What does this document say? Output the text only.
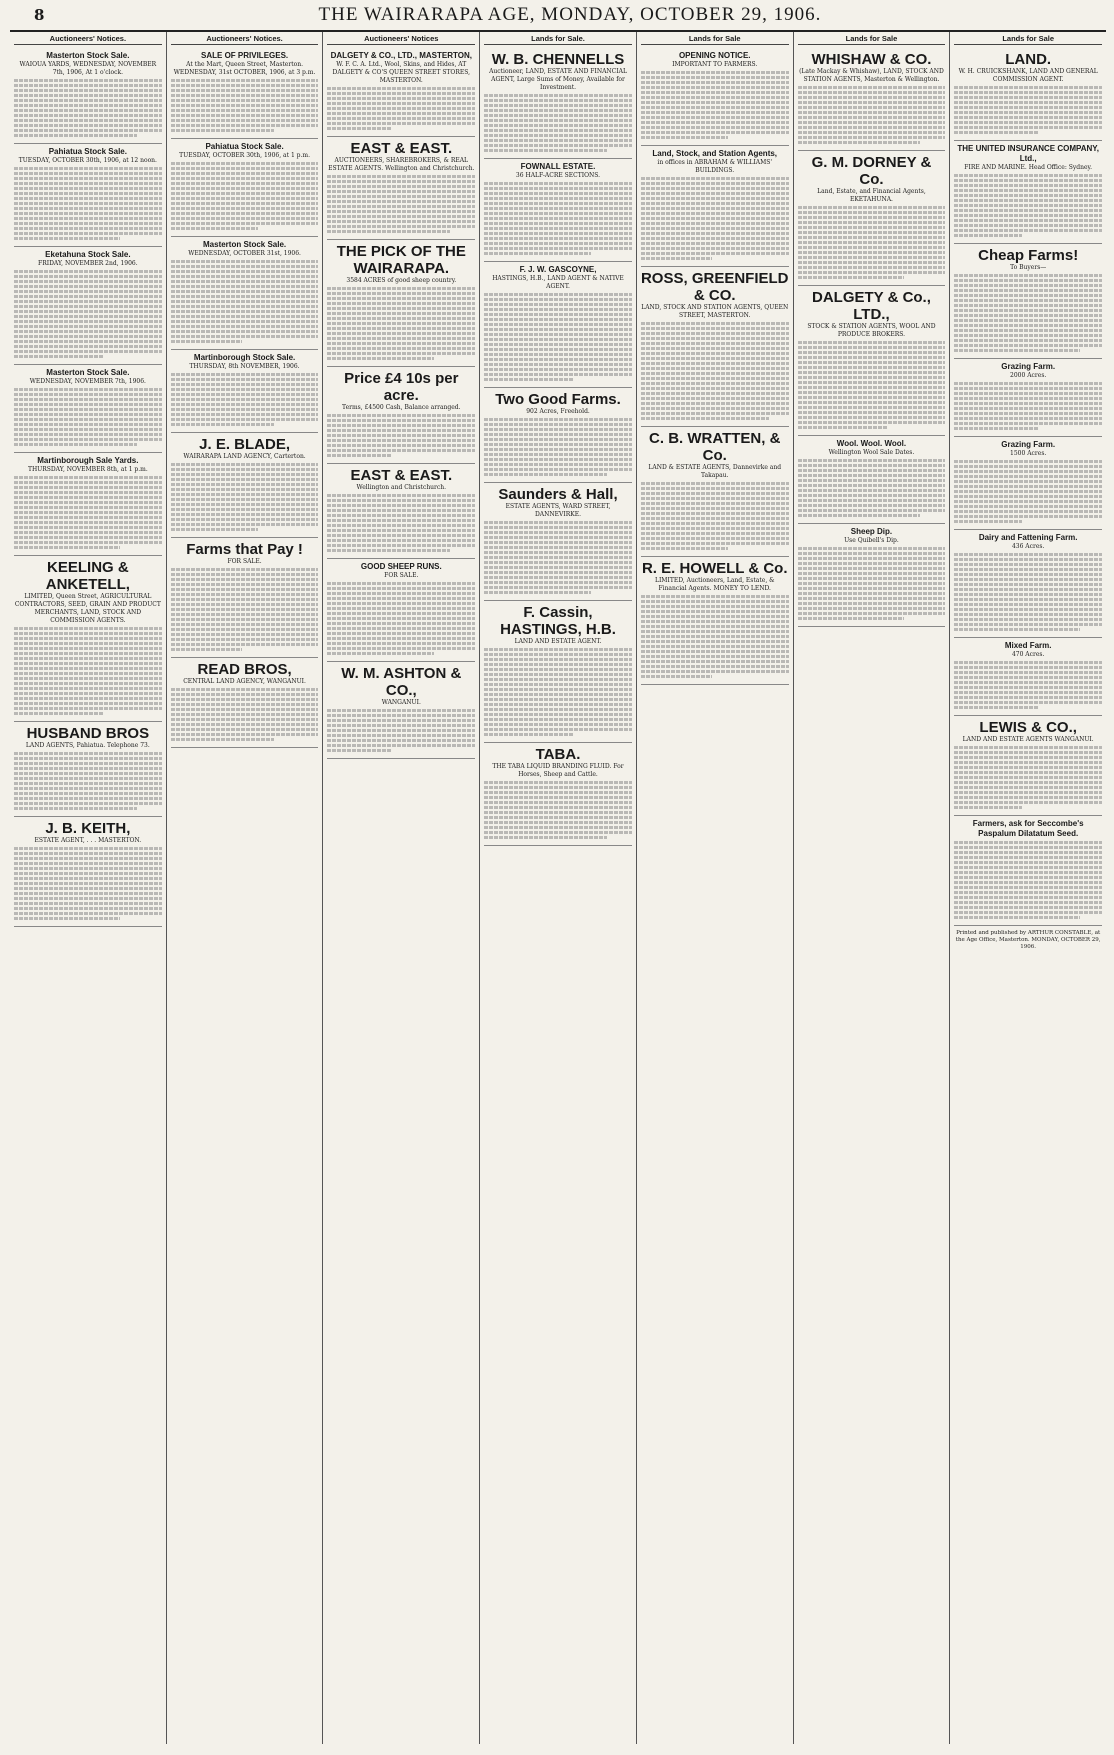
8	THE WAIRARAPA AGE, MONDAY, OCTOBER 29, 1906.
Auctioneers' Notices.
Masterton Stock Sale.
WAIOUA YARDS, WEDNESDAY, NOVEMBER 7th, 1906, At 1 o'clock.
Pahiatua Stock Sale.
TUESDAY, OCTOBER 30th, 1906, at 12 noon.
Eketahuna Stock Sale.
FRIDAY, NOVEMBER 2nd, 1906.
Masterton Stock Sale.
WEDNESDAY, NOVEMBER 7th, 1906.
Martinborough Sale Yards.
THURSDAY, NOVEMBER 8th, at 1 p.m.
KEELING & ANKETELL,
LIMITED, Queen Street, AGRICULTURAL CONTRACTORS, SEED, GRAIN AND PRODUCT MERCHANTS, LAND, STOCK AND COMMISSION AGENTS.
HUSBAND BROS
LAND AGENTS, Pahiatua. Telephone 73.
J. B. KEITH,
ESTATE AGENT, . . . MASTERTON.
Auctioneers' Notices.
SALE OF PRIVILEGES.
At the Mart, Queen Street, Masterton. WEDNESDAY, 31st OCTOBER, 1906, at 3 p.m.
Pahiatua Stock Sale.
TUESDAY, OCTOBER 30th, 1906, at 1 p.m.
Masterton Stock Sale.
WEDNESDAY, OCTOBER 31st, 1906.
Martinborough Stock Sale.
THURSDAY, 8th NOVEMBER, 1906.
J. E. BLADE,
WAIRARAPA LAND AGENCY, Carterton.
Farms that Pay !
FOR SALE.
READ BROS,
CENTRAL LAND AGENCY, WANGANUI.
Auctioneers' Notices
DALGETY & CO., LTD., MASTERTON,
W. F. C. A. Ltd., Wool, Skins, and Hides, AT DALGETY & CO'S QUEEN STREET STORES, MASTERTON.
EAST & EAST.
AUCTIONEERS, SHAREBROKERS, & REAL ESTATE AGENTS. Wellington and Christchurch.
THE PICK OF THE WAIRARAPA.
3584 ACRES of good sheep country.
Price £4 10s per acre.
Terms, £4500 Cash, Balance arranged.
EAST & EAST.
Wellington and Christchurch.
GOOD SHEEP RUNS.
FOR SALE.
W. M. ASHTON & CO.,
WANGANUI.
Lands for Sale.
W. B. CHENNELLS
Auctioneer, LAND, ESTATE AND FINANCIAL AGENT, Large Sums of Money, Available for Investment.
FOWNALL ESTATE.
36 HALF-ACRE SECTIONS.
F. J. W. GASCOYNE,
HASTINGS, H.B., LAND AGENT & NATIVE AGENT.
Two Good Farms.
902 Acres, Freehold.
Saunders & Hall,
ESTATE AGENTS, WARD STREET, DANNEVIRKE.
F. Cassin, HASTINGS, H.B.
LAND AND ESTATE AGENT.
TABA.
THE TABA LIQUID BRANDING FLUID. For Horses, Sheep and Cattle.
Lands for Sale
OPENING NOTICE.
IMPORTANT TO FARMERS.
Land, Stock, and Station Agents,
in offices in ABRAHAM & WILLIAMS' BUILDINGS.
ROSS, GREENFIELD & CO.
LAND, STOCK AND STATION AGENTS, QUEEN STREET, MASTERTON.
C. B. WRATTEN, & Co.
LAND & ESTATE AGENTS, Dannevirke and Takapau.
R. E. HOWELL & Co.
LIMITED, Auctioneers, Land, Estate, & Financial Agents. MONEY TO LEND.
Lands for Sale
WHISHAW & CO.
(Late Mackay & Whishaw), LAND, STOCK AND STATION AGENTS, Masterton & Wellington.
G. M. DORNEY & Co.
Land, Estate, and Financial Agents, EKETAHUNA.
DALGETY & Co., LTD.,
STOCK & STATION AGENTS, WOOL AND PRODUCE BROKERS.
Wool. Wool. Wool.
Wellington Wool Sale Dates.
Sheep Dip.
Use Quibell's Dip.
Lands for Sale
LAND.
W. H. CRUICKSHANK, LAND AND GENERAL COMMISSION AGENT.
THE UNITED INSURANCE COMPANY, Ltd.,
FIRE AND MARINE. Head Office: Sydney.
Cheap Farms!
To Buyers—
Grazing Farm.
2000 Acres.
Grazing Farm.
1500 Acres.
Dairy and Fattening Farm.
436 Acres.
Mixed Farm.
470 Acres.
LEWIS & CO.,
LAND AND ESTATE AGENTS WANGANUI.
Farmers, ask for Seccombe's Paspalum Dilatatum Seed.
Printed and published by ARTHUR CONSTABLE, at the Age Office, Masterton. MONDAY, OCTOBER 29, 1906.
